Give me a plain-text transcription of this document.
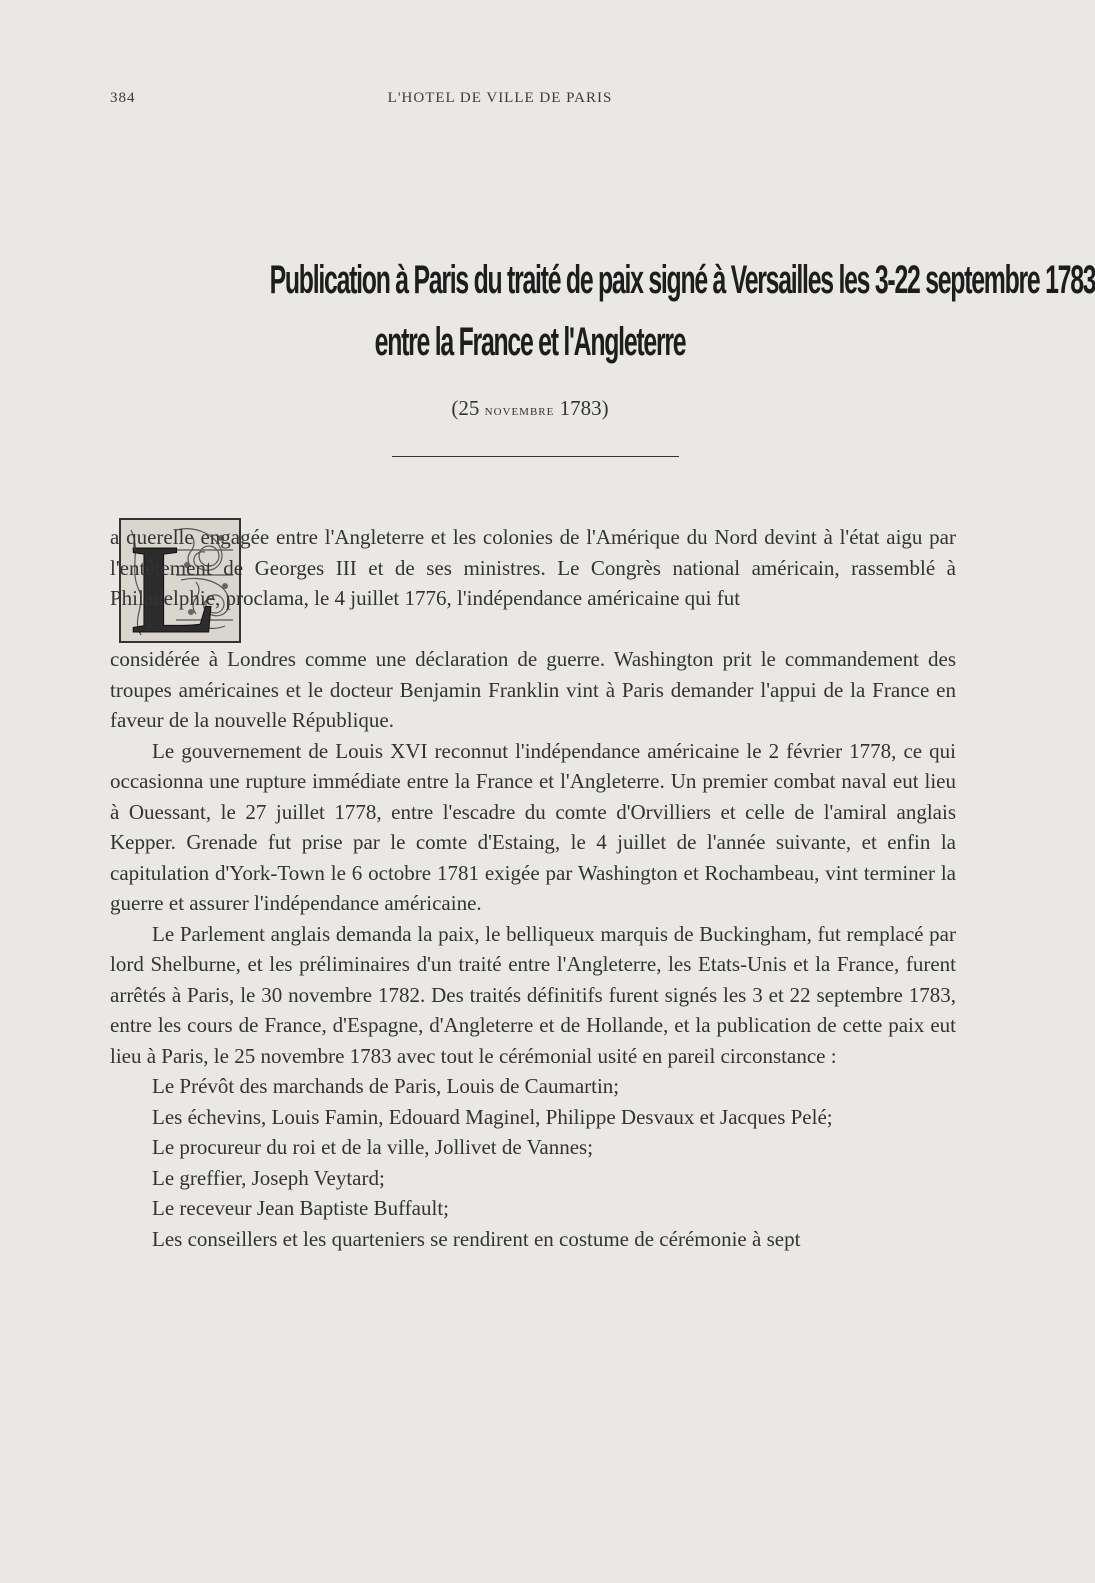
384	L'HOTEL DE VILLE DE PARIS
Publication à Paris du traité de paix signé à Versailles les 3-22 septembre 1783
entre la France et l'Angleterre
(25 novembre 1783)
L

a querelle engagée entre l'Angleterre et les colonies de l'Amérique du Nord devint à l'état aigu par l'entêtement de Georges III et de ses ministres. Le Congrès national américain, rassemblé à Philadelphie, proclama, le 4 juillet 1776, l'indépendance américaine qui fut

considérée à Londres comme une déclaration de guerre. Washington prit le commandement des troupes américaines et le docteur Benjamin Franklin vint à Paris demander l'appui de la France en faveur de la nouvelle République.

Le gouvernement de Louis XVI reconnut l'indépendance américaine le 2 février 1778, ce qui occasionna une rupture immédiate entre la France et l'Angleterre. Un premier combat naval eut lieu à Ouessant, le 27 juillet 1778, entre l'escadre du comte d'Orvilliers et celle de l'amiral anglais Kepper. Grenade fut prise par le comte d'Estaing, le 4 juillet de l'année suivante, et enfin la capitulation d'York-Town le 6 octobre 1781 exigée par Washington et Rochambeau, vint terminer la guerre et assurer l'indépendance américaine.

Le Parlement anglais demanda la paix, le belliqueux marquis de Buckingham, fut remplacé par lord Shelburne, et les préliminaires d'un traité entre l'Angleterre, les Etats-Unis et la France, furent arrêtés à Paris, le 30 novembre 1782. Des traités définitifs furent signés les 3 et 22 septembre 1783, entre les cours de France, d'Espagne, d'Angleterre et de Hollande, et la publication de cette paix eut lieu à Paris, le 25 novembre 1783 avec tout le cérémonial usité en pareil circonstance :

Le Prévôt des marchands de Paris, Louis de Caumartin;

Les échevins, Louis Famin, Edouard Maginel, Philippe Desvaux et Jacques Pelé;

Le procureur du roi et de la ville, Jollivet de Vannes;

Le greffier, Joseph Veytard;

Le receveur Jean Baptiste Buffault;

Les conseillers et les quarteniers se rendirent en costume de cérémonie à sept
